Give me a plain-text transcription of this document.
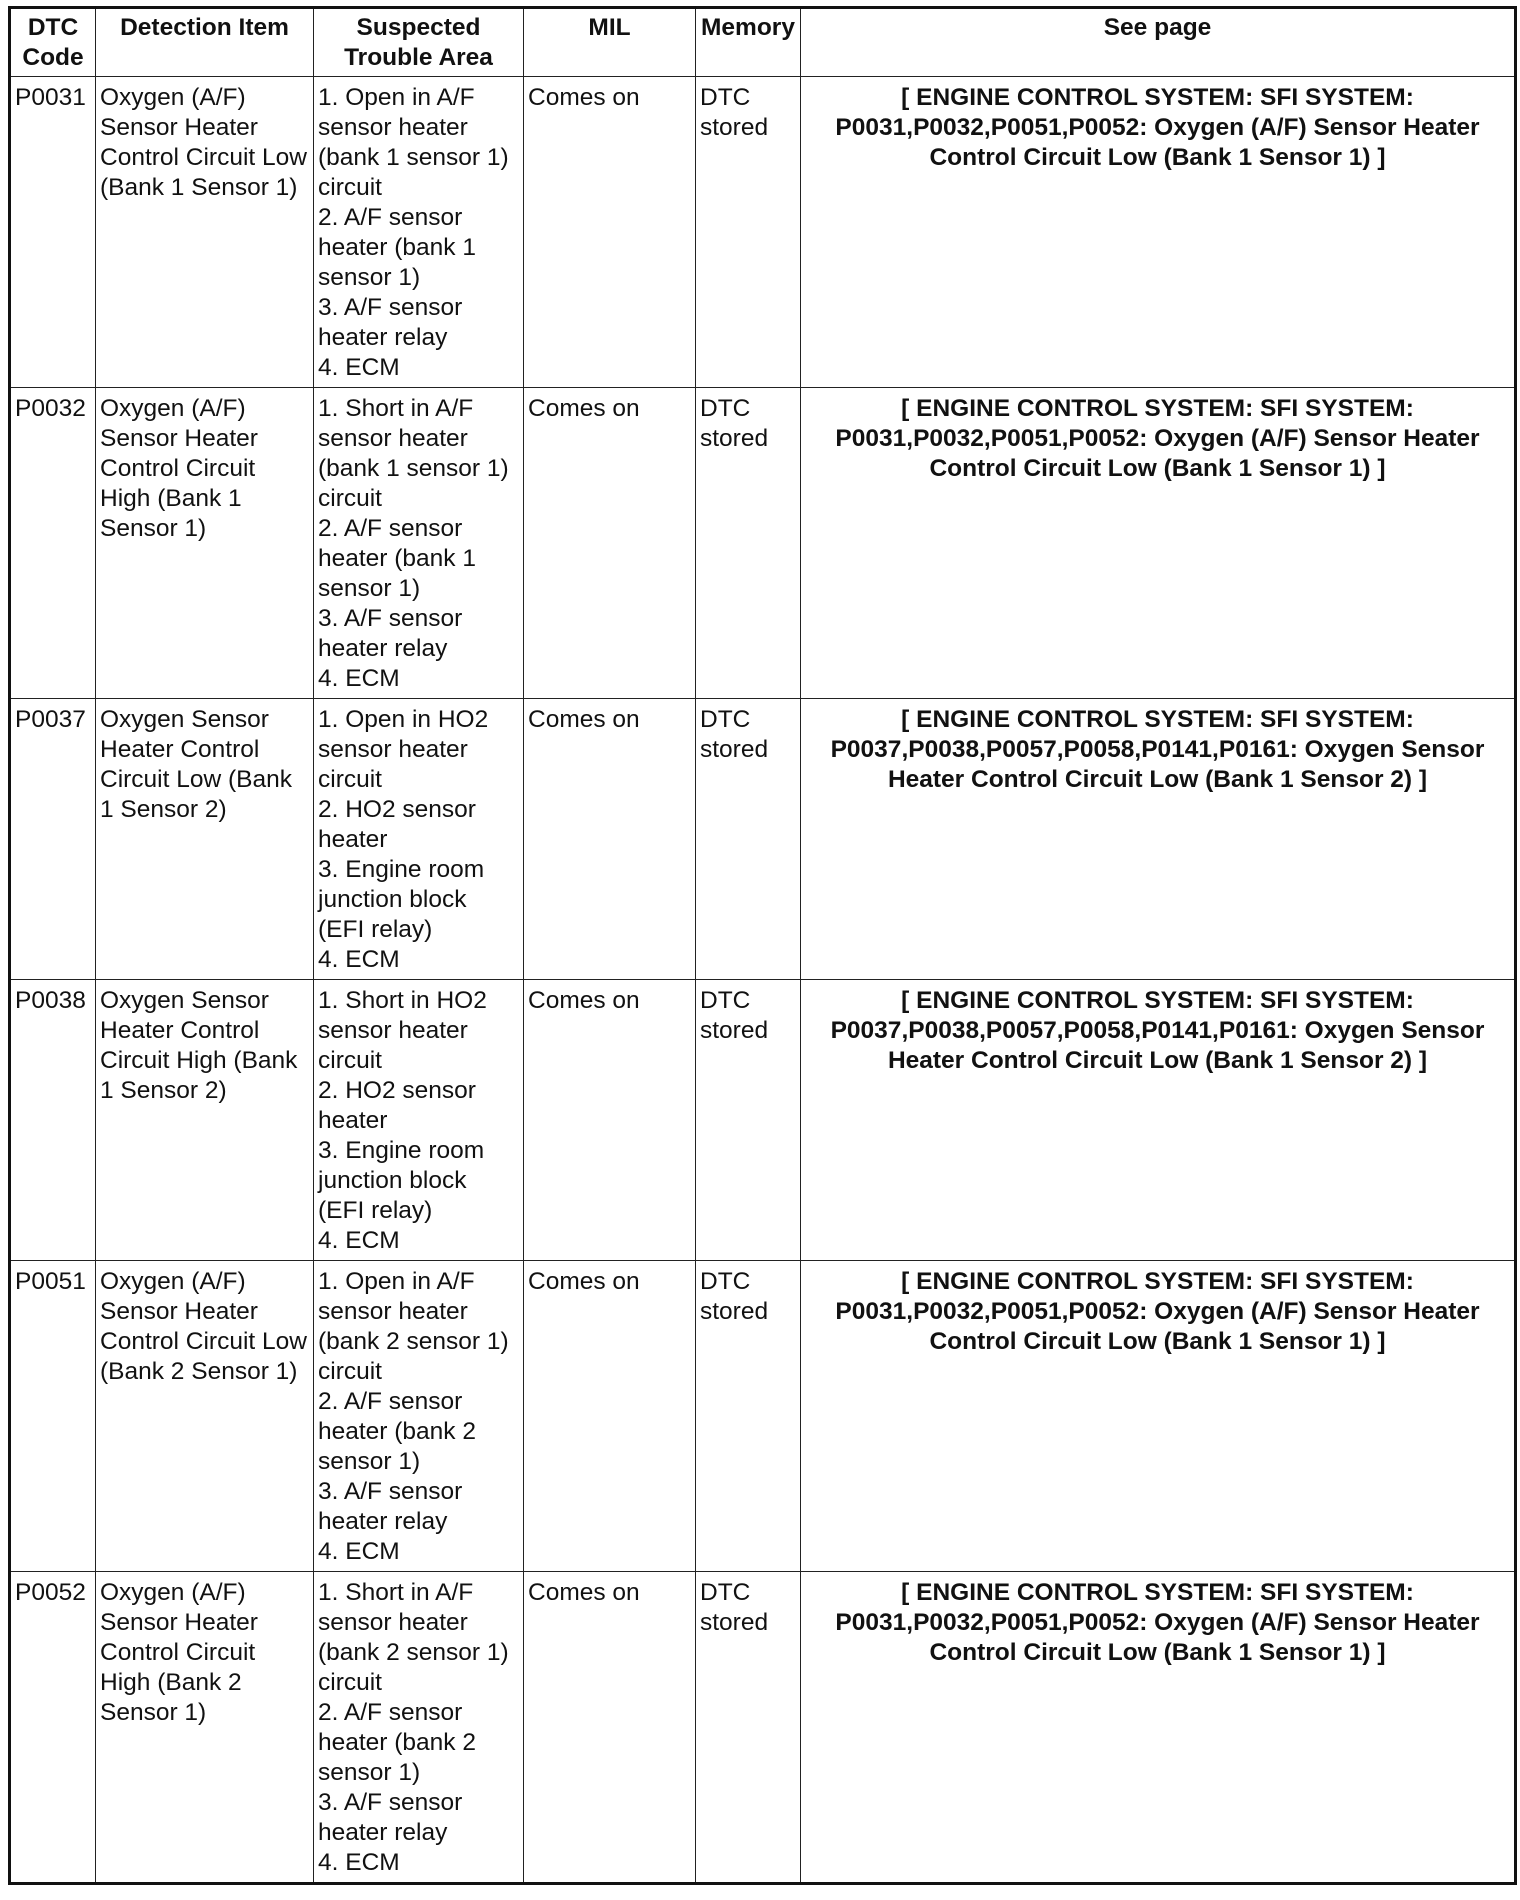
DTC Code	Detection Item	Suspected Trouble Area	MIL	Memory	See page
P0031	Oxygen (A/F) Sensor Heater Control Circuit Low (Bank 1 Sensor 1)	1. Open in A/F sensor heater (bank 1 sensor 1) circuit
2. A/F sensor heater (bank 1 sensor 1)
3. A/F sensor heater relay
4. ECM	Comes on	DTC stored	[ ENGINE CONTROL SYSTEM: SFI SYSTEM: P0031,P0032,P0051,P0052: Oxygen (A/F) Sensor Heater Control Circuit Low (Bank 1 Sensor 1) ]
P0032	Oxygen (A/F) Sensor Heater Control Circuit High (Bank 1 Sensor 1)	1. Short in A/F sensor heater (bank 1 sensor 1) circuit
2. A/F sensor heater (bank 1 sensor 1)
3. A/F sensor heater relay
4. ECM	Comes on	DTC stored	[ ENGINE CONTROL SYSTEM: SFI SYSTEM: P0031,P0032,P0051,P0052: Oxygen (A/F) Sensor Heater Control Circuit Low (Bank 1 Sensor 1) ]
P0037	Oxygen Sensor Heater Control Circuit Low (Bank 1 Sensor 2)	1. Open in HO2 sensor heater circuit
2. HO2 sensor heater
3. Engine room junction block (EFI relay)
4. ECM	Comes on	DTC stored	[ ENGINE CONTROL SYSTEM: SFI SYSTEM: P0037,P0038,P0057,P0058,P0141,P0161: Oxygen Sensor Heater Control Circuit Low (Bank 1 Sensor 2) ]
P0038	Oxygen Sensor Heater Control Circuit High (Bank 1 Sensor 2)	1. Short in HO2 sensor heater circuit
2. HO2 sensor heater
3. Engine room junction block (EFI relay)
4. ECM	Comes on	DTC stored	[ ENGINE CONTROL SYSTEM: SFI SYSTEM: P0037,P0038,P0057,P0058,P0141,P0161: Oxygen Sensor Heater Control Circuit Low (Bank 1 Sensor 2) ]
P0051	Oxygen (A/F) Sensor Heater Control Circuit Low (Bank 2 Sensor 1)	1. Open in A/F sensor heater (bank 2 sensor 1) circuit
2. A/F sensor heater (bank 2 sensor 1)
3. A/F sensor heater relay
4. ECM	Comes on	DTC stored	[ ENGINE CONTROL SYSTEM: SFI SYSTEM: P0031,P0032,P0051,P0052: Oxygen (A/F) Sensor Heater Control Circuit Low (Bank 1 Sensor 1) ]
P0052	Oxygen (A/F) Sensor Heater Control Circuit High (Bank 2 Sensor 1)	1. Short in A/F sensor heater (bank 2 sensor 1) circuit
2. A/F sensor heater (bank 2 sensor 1)
3. A/F sensor heater relay
4. ECM	Comes on	DTC stored	[ ENGINE CONTROL SYSTEM: SFI SYSTEM: P0031,P0032,P0051,P0052: Oxygen (A/F) Sensor Heater Control Circuit Low (Bank 1 Sensor 1) ]
